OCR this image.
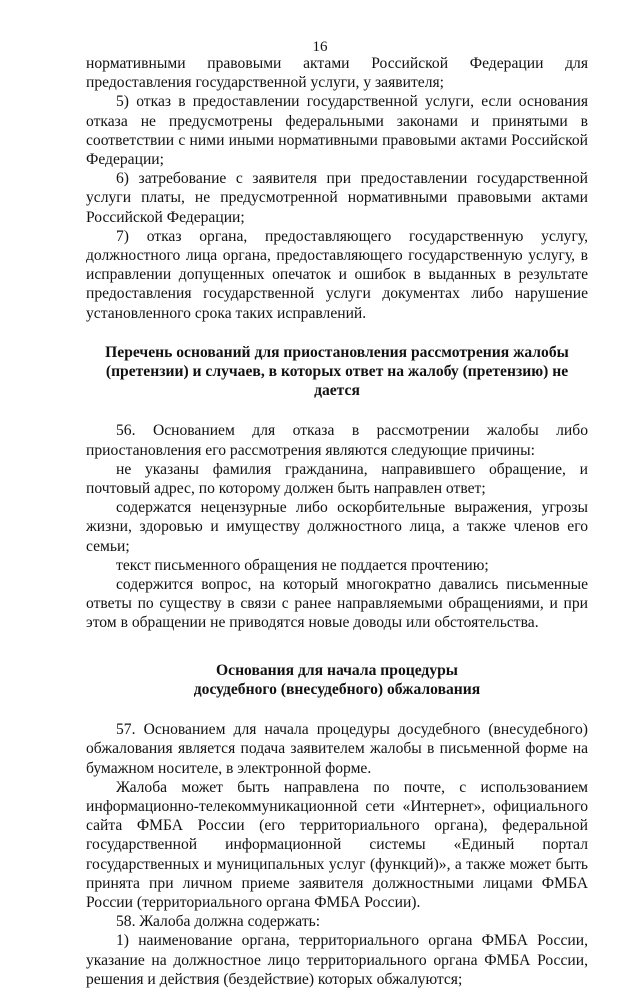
16

нормативными правовыми актами Российской Федерации для предоставления государственной услуги, у заявителя;

5) отказ в предоставлении государственной услуги, если основания отказа не предусмотрены федеральными законами и принятыми в соответствии с ними иными нормативными правовыми актами Российской Федерации;

6) затребование с заявителя при предоставлении государственной услуги платы, не предусмотренной нормативными правовыми актами Российской Федерации;

7) отказ органа, предоставляющего государственную услугу, должностного лица органа, предоставляющего государственную услугу, в исправлении допущенных опечаток и ошибок в выданных в результате предоставления государственной услуги документах либо нарушение установленного срока таких исправлений.

Перечень оснований для приостановления рассмотрения жалобы
(претензии) и случаев, в которых ответ на жалобу (претензию) не дается

56. Основанием для отказа в рассмотрении жалобы либо приостановления его рассмотрения являются следующие причины:

не указаны фамилия гражданина, направившего обращение, и почтовый адрес, по которому должен быть направлен ответ;

содержатся нецензурные либо оскорбительные выражения, угрозы жизни, здоровью и имуществу должностного лица, а также членов его семьи;

текст письменного обращения не поддается прочтению;

содержится вопрос, на который многократно давались письменные ответы по существу в связи с ранее направляемыми обращениями, и при этом в обращении не приводятся новые доводы или обстоятельства.

Основания для начала процедуры
досудебного (внесудебного) обжалования

57. Основанием для начала процедуры досудебного (внесудебного) обжалования является подача заявителем жалобы в письменной форме на бумажном носителе, в электронной форме.

Жалоба может быть направлена по почте, с использованием информационно-телекоммуникационной сети «Интернет», официального сайта ФМБА России (его территориального органа), федеральной государственной информационной системы «Единый портал государственных и муниципальных услуг (функций)», а также может быть принята при личном приеме заявителя должностными лицами ФМБА России (территориального органа ФМБА России).

58. Жалоба должна содержать:

1) наименование органа, территориального органа ФМБА России, указание на должностное лицо территориального органа ФМБА России, решения и действия (бездействие) которых обжалуются;
